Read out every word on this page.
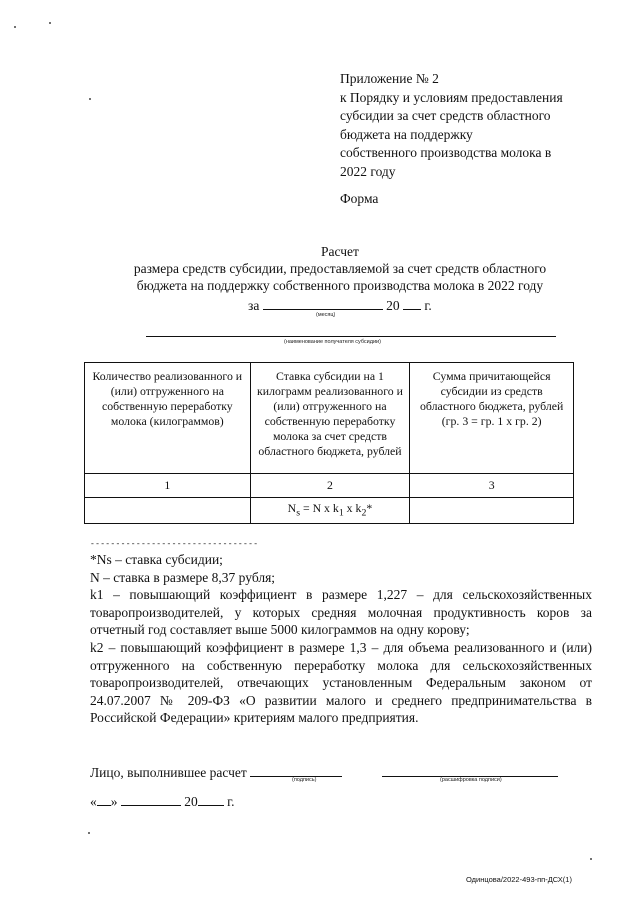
Приложение № 2
к Порядку и условиям предоставления
субсидии за счет средств областного
бюджета на поддержку
собственного производства молока в
2022 году
Форма
Расчет
размера средств субсидии, предоставляемой за счет средств областного
бюджета на поддержку собственного производства молока в 2022 году
за	20 г.
(месяц)
(наименование получателя субсидии)
Количество реализованного и (или) отгруженного на собственную переработку молока (килограммов)	Ставка субсидии на 1 килограмм реализованного и (или) отгруженного на собственную переработку молока за счет средств областного бюджета, рублей	Сумма причитающейся субсидии из средств областного бюджета, рублей (гр. 3 = гр. 1 x гр. 2)
1	2	3
	$N_s = N$ x $k_1$ x $k_2*$	
---------------------------------

*Ns – ставка субсидии;

N – ставка в размере 8,37 рубля;

k1 – повышающий коэффициент в размере 1,227 – для сельскохозяйственных товаропроизводителей, у которых средняя молочная продуктивность коров за отчетный год составляет выше 5000 килограммов на одну корову;

k2 – повышающий коэффициент в размере 1,3 – для объема реализованного и (или) отгруженного на собственную переработку молока для сельскохозяйственных товаропроизводителей, отвечающих установленным Федеральным законом от 24.07.2007 № 209-ФЗ «О развитии малого и среднего предпринимательства в Российской Федерации» критериям малого предприятия.

Лицо, выполнившее расчет	(подпись)	(расшифровка подписи)
« »	20 г.
Одинцова/2022-493-пп-ДСХ(1)
